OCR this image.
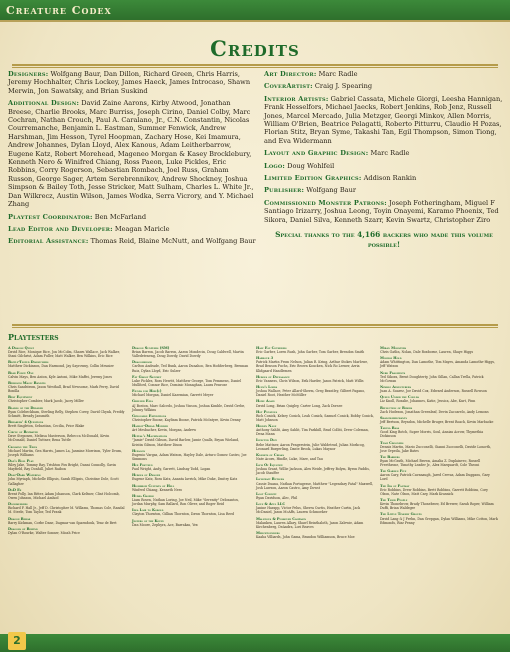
Creature Codex
Credits
Designers: Wolfgang Baur, Dan Dillon, Richard Green, Chris Harris, Jeremy Hochhalter, Chris Lockey, James Haeck, James Introcaso, Shawn Merwin, Jon Sawatsky, and Brian Suskind
Additional Design: David Zaine Aarons, Kirby Atwood, Jonathan Breese, Charlie Brooks, Marc Burriss, Joseph Cirino, Daniel Colby, Marc Cochran, Nathan Crouch, Paul A. Caralano, Jr., C.N. Constantin, Nicolas Courremanche, Benjamin L. Eastman, Summer Fenwick, Andrew Harshman, Jim Hesson, Tyrel Hoopman, Zachary Hose, Kei Imamura, Andrew Johannes, Dylan Lloyd, Alex Kanous, Adam Leitherbarrow, Eugene Katz, Robert Morehead, Mageneo Morgan & Kasey Brocklebury, Kenneth Nero & Winifred Chiang, Ross Paeon, Luke Pickles, Eric Robbins, Corry Rogerson, Sebastian Rombach, Joel Russ, Graham Russon, George Sager, Artem Serebrennikov, Andrew Shockney, Joshua Simpson & Bailey Toth, Jesse Stricker, Matt Sulham, Charles L. White Jr., Dan Wilkrecz, Austin Wilson, James Wodka, Serra Vicrory, and Y. Michael Zhang
Playtest Coordinator: Ben McFarland
Lead Editor and Developer: Meagan Maricle
Editorial Assistance: Thomas Reid, Blaine McNutt, and Wolfgang Baur
Art Director: Marc Radle
CoverArtist: Craig J. Spearing
Interior Artists: Gabriel Cassata, Michele Giorgi, Leesha Hannigan, Frank Hesselfors, Michael Jaecks, Robert Jenkins, Rob Jenz, Russell Jones, Marcel Mercado, Julia Metzger, Georgi Minkov, Allen Morris, William O'Brien, Beatrice Pelagatti, Roberto Pitturru, Claudio H Pozas, Florian Stitz, Bryan Syme, Takashi Tan, Egil Thompson, Simon Tiong, and Eva Widermann
Layout and Graphic Design: Marc Radle
Logo: Doug Wohlfeil
Limited Edition Graphics: Addison Rankin
Publisher: Wolfgang Baur
Commissioned Monster Patrons: Joseph Fotheringham, Miguel F Santiago Irizarry, Joshua Leong, Toyin Onayemi, Karamo Phoenix, Ted Sikora, Daniel Silva, Kenneth Szarr, Kevin Swartz, Christopher Ziro
Special thanks to the 4,166 backers who made this volume possible!
Playtesters
A Dragon Quest
David Rice, Monique Rice, Jon McColm, Shawn Wallace, Jack Walker, Stani Gilchrist, Adam Fuller, Matt Walker, Ben Wilkins, Eric Rice
Battle-Tested Dispatchers
Matthew Dickinson, Dan Harmond, Jay Sayrowny, Collin Meunier
Bear Force One
Calvin Mays, Ben Anton, Kyle Antoni, Mike Maffei, Jeremy Jones
Bedroom Magic Bandits
Chris Sandstrom, Jason Westhall, Brad Newsome, Mark Perry, David Bonilla
Best Equipment
Christopher Combier, Mark Jacob, Jacey Miller
Blades of the Dreaded
Ryan Colebeckbam, Sterling Relly, Stephen Corey, David Chynk, Freddy Schmitt, Bready Jansmith
Breakers' 4 Questions
Brett Singleton, Sebastian, Cecilia, Price Blake
Circle of Rimwater
Dave Steponen, Melissa Masterson, Rebecca McDonald, Kevin McDonald, Daniel Tuttner, Rena Tuttle
Crossing the Tides
Michael Martin, Gen Harris, James La, Jasmine Morrison, Tyler Drum, Joseph Williams
Dad's Roll Play
Riley Jake, Tommy Ray, Trishton Fox Bright, Danni Connolly, Gavin Mayfield, Ray Donhill, Juliet Raibon
Deas-Dark Watering
John Myriaph, Michelle Ellipsis, Sarah Ellipsis, Christine Dole, Scott Gallagher
DnD Ex
Brent Polly, Ian Ritter, Adam Johanson, Clark Keltner, Clint Holcomb, Owen Johnson, Michael Amhod
Doomseekers
Richard F. Hall Jr., Jeff D. Christopher M. Willams, Thomas Cole, Randal M. Steele, Tom Taylor, Ted Frank
Dragon Rehab
Barry Kickman, Corbe Dane, Dagmar van Spaendonk, Tenz de Bret
Dragons of Rewind
Dylan O'Rourke, Walter Sonner, Micah Price
Dragon Sunpeers (SM)
Brian Barron, Jacob Barron, Aaron Mondecin, Doug Caldwell, Martin Valledeteneng, Doug Dowdy, David Dowdy
Dragonbrood
Carlton Andrade, Ted Bunk, Aaron Dunahoo, Ben Hodderberg, Brennan Ruiz, Dylan Lloyd, Eric Sulzer
Fat Ghost Satchet
Luke Pickles, Ross Hewitt, Matthew George, Tom Pemmens, Daniel Mullford, Connor Rice, Dominic Monaghan, Laura Penrose
Fiends for Hire(e)
Michael Morgan, Daniel Kazemian, Garrett Meyer
Greener Eels
AJ Boston, Marc Salcedo, Joshua Vinson, Joshua Kimble, David Grebe, Johnny Wilkins
Gyrocarle Expeditions
Christopher Boone, Kaylinm Boone, Patrick McIntyre, Kevin Denny
Hamlet-Dread Murder
Art Mesbacher, Kevin, Morgan, Andrew
Hepeal's Machinations
"Jamie" David Gibson, David Barlow, Jamie Qualls, Bryan Wieland, Kristin Gibson, Matthew Dixon
Hexagon
Eugenio Vargas, Adam Watson, Hayley Dale, Arturo Gomez Castro, Joe Simmons
Hex Fricteen
Paul Wright, Andy, Garrett, Lindsay Todd, Logan
Heroes of Danger
Eugene Katz, Ross Katz, Ananta Iavrick, Mike Duke, Dmitry Katz
Highbrow Cultists of Hell
Winfred Chiang, Kenneth Nero
Hydra Gaming
Liam Rosen, Nathan Loring, Joe Neil, Mike "Serenity" Delosantos, Jordan Murphy, Sam Ballard, Ron Oliver, and Roger Reid
Idea Lair to Kobold
Clayton Thornton, Gillian Thornton, Dawn Thornton, Lisa Reed
Jesters of the Kevex
Dan Moore, Zephyra, Ace, Barrakas, Yex
Half Elf Cotheries
Eric Garber, Loren Rush, John Garber, Tom Garber, Brendon Smith
Harbour 3
Patrick Martin From Nelson, Julian R. Kring, Arthur Stokes Marlowe, Brad Benson Fuchs, Eric Brown Koucken, Nick Ro Lerner, Arria Klidgaard Handlemen
Heroes of Defeasance
Eric Vanness, Chris Wilson, Erik Harder, Jason Patrick, Matt Willis
Helm's Lords
Joshua Wallace, Peter Allard-Sherm, Greg Brantley, Gilbert Pagano, Daniel Root, Heather McMiller
Home Again
David Long, Brian Quigley, Carter Long, Zack Dorsee
Hot Potatoes
Rich Conick, Kelsey Conick, Leah Conick, Samuel Conick, Bobby Conick, Matt Johnson
Hidden Nage
Anthony Sahlit, Amy Sahlit, Tim Parkhill, Brad Colliti, Drew Coleman, Dena Mann
Infected Dice
Bebe Mattner, Aaron Fengerstein, Julie Waldetrud, Julian Morkcog, Leonard Burgerling, Dante Brook, Lukas Maynor
Knights of Crisan
Nate Acorn, Hindle, Luke, Mare, and Tau
Lich Of Injustice
Joshua Grant, Willie Jackson, Alex Weide, Jeffrey Bolym, Byron Paddis, Jacob Stauffer
Lichcraft Butlers
Cassie Duana, Nathan Portugesse, Matthew "Legendary Fatal" Maxwell, Josh Lawson, Aaron Castro, Amy Dowst
Loot Cornity
Ryan Davidson, Alec, Phil
Love & Apul LLC
Janine Harapp, Victor Pelus, Sherra Curtis, Heather Curtis, Jack McDaniel, Jason McAffs, Lauren Schmoeker
Malicious & Pushover Campaign
Malanken, Lauren Allary, Shawl Reinthaloth, Jason Zalewie, Adam Kirchenberg, DeAndra, Lori Reaves
Merchtounders
Kaaha Villiards, John Gama, Brandon Williamson, Bruce Moe
Miran Monsters
Chris Gatlin, Nolan, Dale Roxborne, Lauren, Shaye Higgs
Monday Hold
Adam Whittington, Dan Lamothe, Tim Mayes, Amanda Lamothe-Higgs, Jeff Watson
Nerd Fragments
Ted Sikora, Brent Doughterty, John Gillan, Callan Trella, Patrick McGowan
Nimble Adventurers
Juan A. Suarez, Joe David Cox, Edward Anderson, Russell Rowson
Queen Under the Coulds
Liz Knoll, Rosalie, Johannes, Katie, Jessica, Abe, Kurt, Finn
Reflection of Riders
Zach Hodeson, Jonathan Greenleaf, Devin Zaccarelo, Andy Lemons
Shadowmerchants
Jeff Bertson, Bryndon, Michelle Bruger, Brent Roach, Kevin Marbacke
Tabula Rasa
Good King Botch, Super Morris, Soul, Annias Acrow, Thymethia Dickinson
Team Crooners
Dennis Martin, Mario Zucconelli, Gianni Zucconelli, Davide Lonorth, Jose Orpeila, Jake Bates
The Barbers
Ryan McGrath, Michael Brown, Amalia Z. Duplainvec, Russell Freethrone, Timothy Leader Jr., Alex Marquardt, Cole Theoni
The Garden Five
Aaron Cary, Patrick Cavanaugh, Jared Crevas, Adam Duggans, Gary Lord
The Ids of Fantasy
Eric Robbins, Drew Robbins, Brett Robbins, Garrett Robbins, Cory Olson, Nate Olson, Matt Cary, Mark Krasnick
The Tiger People
Kevin Thonebrow, Brady Thonebrow, Ed Brewer, Sarah Roper, William Duffi, Brian Waldeger
The Little Tinkery Groups
David Lang & J Frehn, Dan Grepgan, Dylan Williams, Mike Cotton, Mark Edmonds, Rizz Penny
2
